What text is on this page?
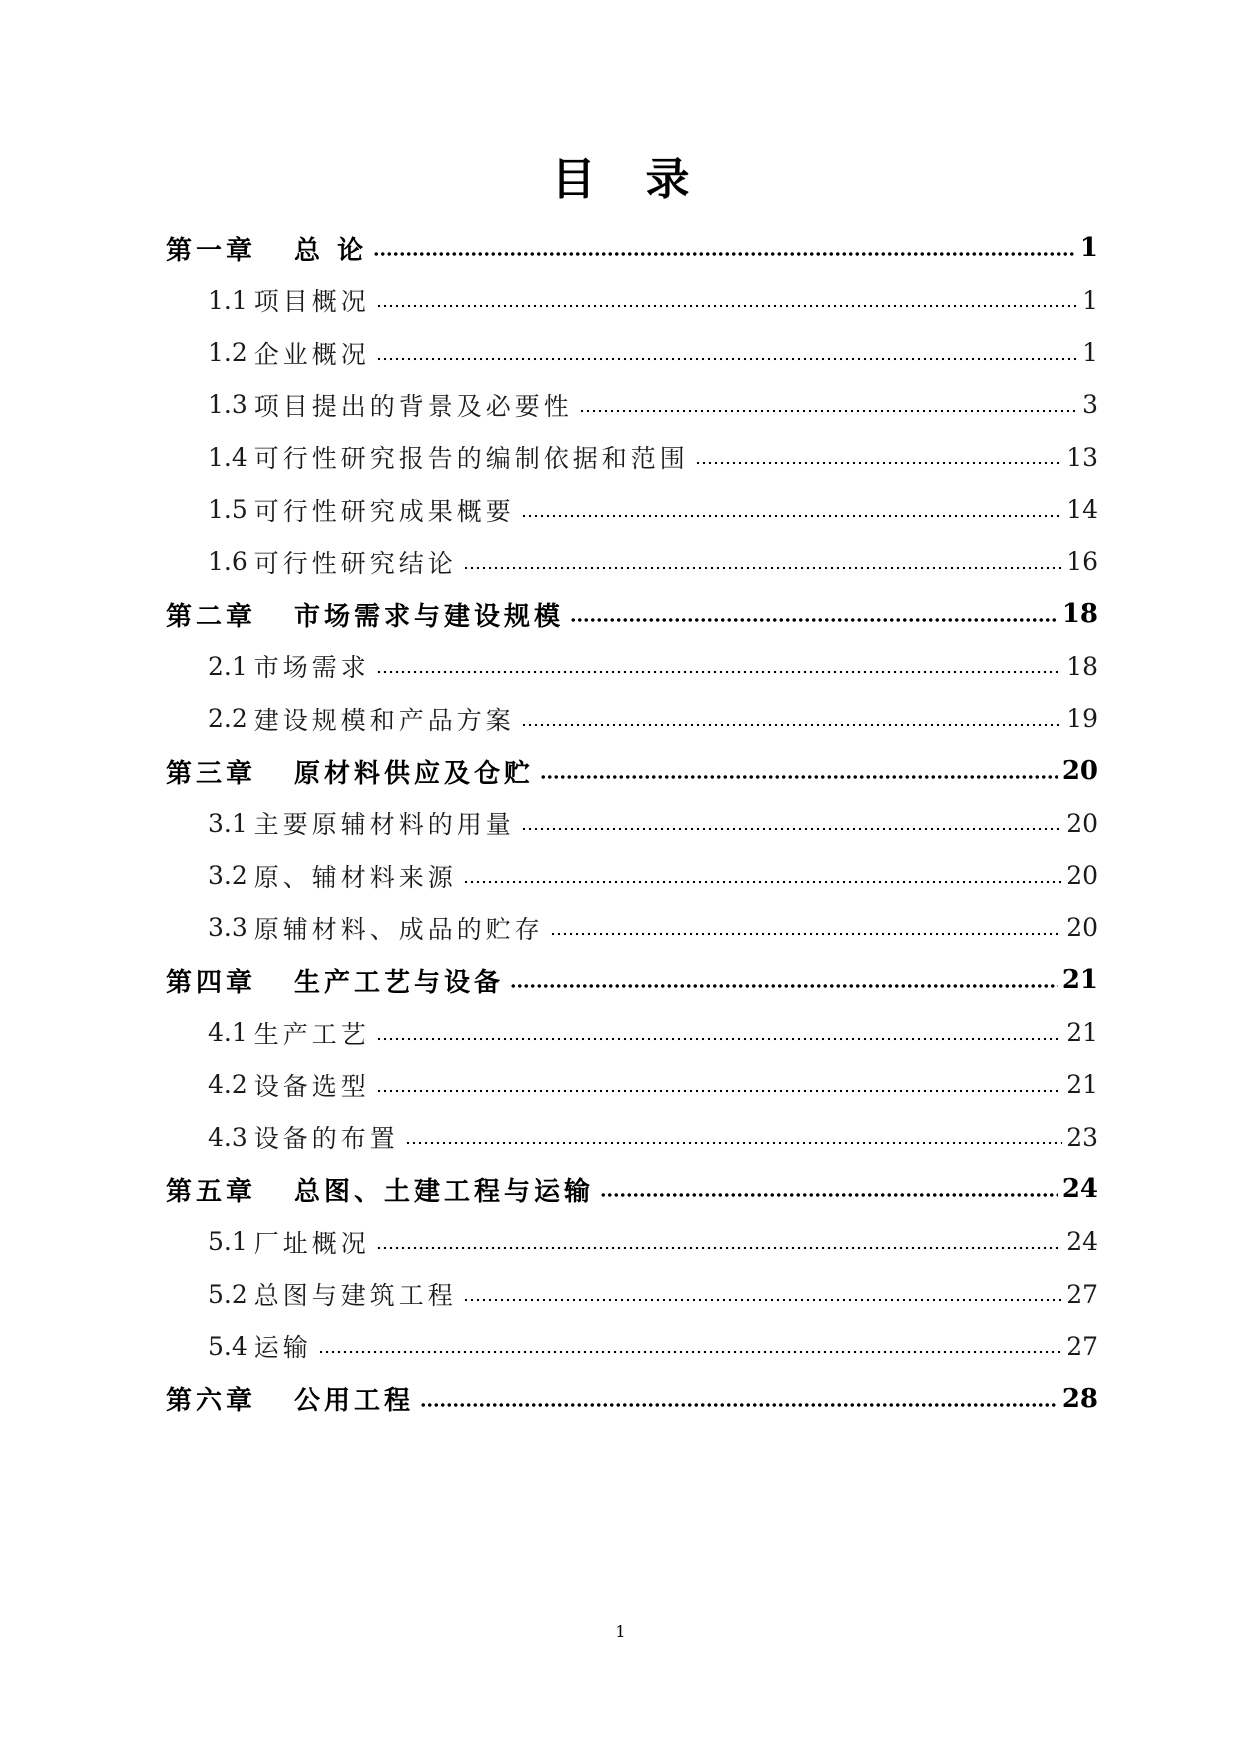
目录
第一章 总 论	1
1.1 项目概况	1
1.2 企业概况	1
1.3 项目提出的背景及必要性	3
1.4 可行性研究报告的编制依据和范围	13
1.5 可行性研究成果概要	14
1.6 可行性研究结论	16
第二章 市场需求与建设规模	18
2.1 市场需求	18
2.2 建设规模和产品方案	19
第三章 原材料供应及仓贮	20
3.1 主要原辅材料的用量	20
3.2 原、辅材料来源	20
3.3 原辅材料、成品的贮存	20
第四章 生产工艺与设备	21
4.1 生产工艺	21
4.2 设备选型	21
4.3 设备的布置	23
第五章 总图、土建工程与运输	24
5.1 厂址概况	24
5.2 总图与建筑工程	27
5.4 运输	27
第六章 公用工程	28
1
